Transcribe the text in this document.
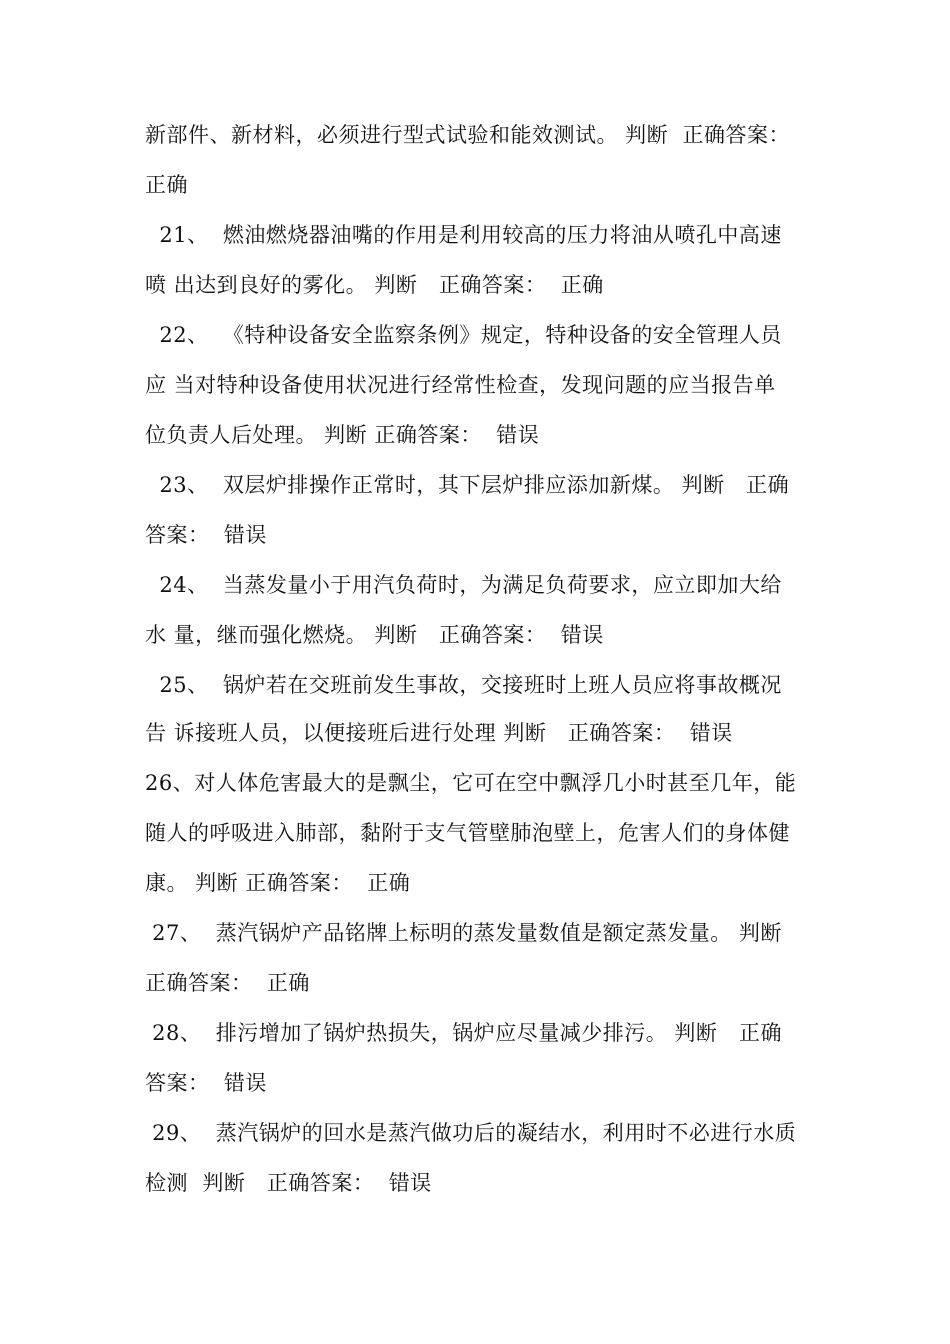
新部件、新材料，必须进行型式试验和能效测试。 判断  正确答案：
正确
21、  燃油燃烧器油嘴的作用是利用较高的压力将油从喷孔中高速
喷 出达到良好的雾化。 判断   正确答案：  正确
22、  《特种设备安全监察条例》规定，特种设备的安全管理人员
应 当对特种设备使用状况进行经常性检查，发现问题的应当报告单
位负责人后处理。 判断 正确答案：  错误
23、  双层炉排操作正常时，其下层炉排应添加新煤。 判断   正确
答案：  错误
24、  当蒸发量小于用汽负荷时，为满足负荷要求，应立即加大给
水 量，继而强化燃烧。 判断   正确答案：  错误
25、  锅炉若在交班前发生事故，交接班时上班人员应将事故概况
告 诉接班人员，以便接班后进行处理 判断   正确答案：  错误
26、对人体危害最大的是飘尘，它可在空中飘浮几小时甚至几年，能
随人的呼吸进入肺部，黏附于支气管壁肺泡壁上，危害人们的身体健
康。 判断 正确答案：  正确
27、  蒸汽锅炉产品铭牌上标明的蒸发量数值是额定蒸发量。 判断
正确答案：  正确
28、  排污增加了锅炉热损失，锅炉应尽量减少排污。 判断   正确
答案：  错误
29、  蒸汽锅炉的回水是蒸汽做功后的凝结水，利用时不必进行水质
检测  判断   正确答案：  错误
